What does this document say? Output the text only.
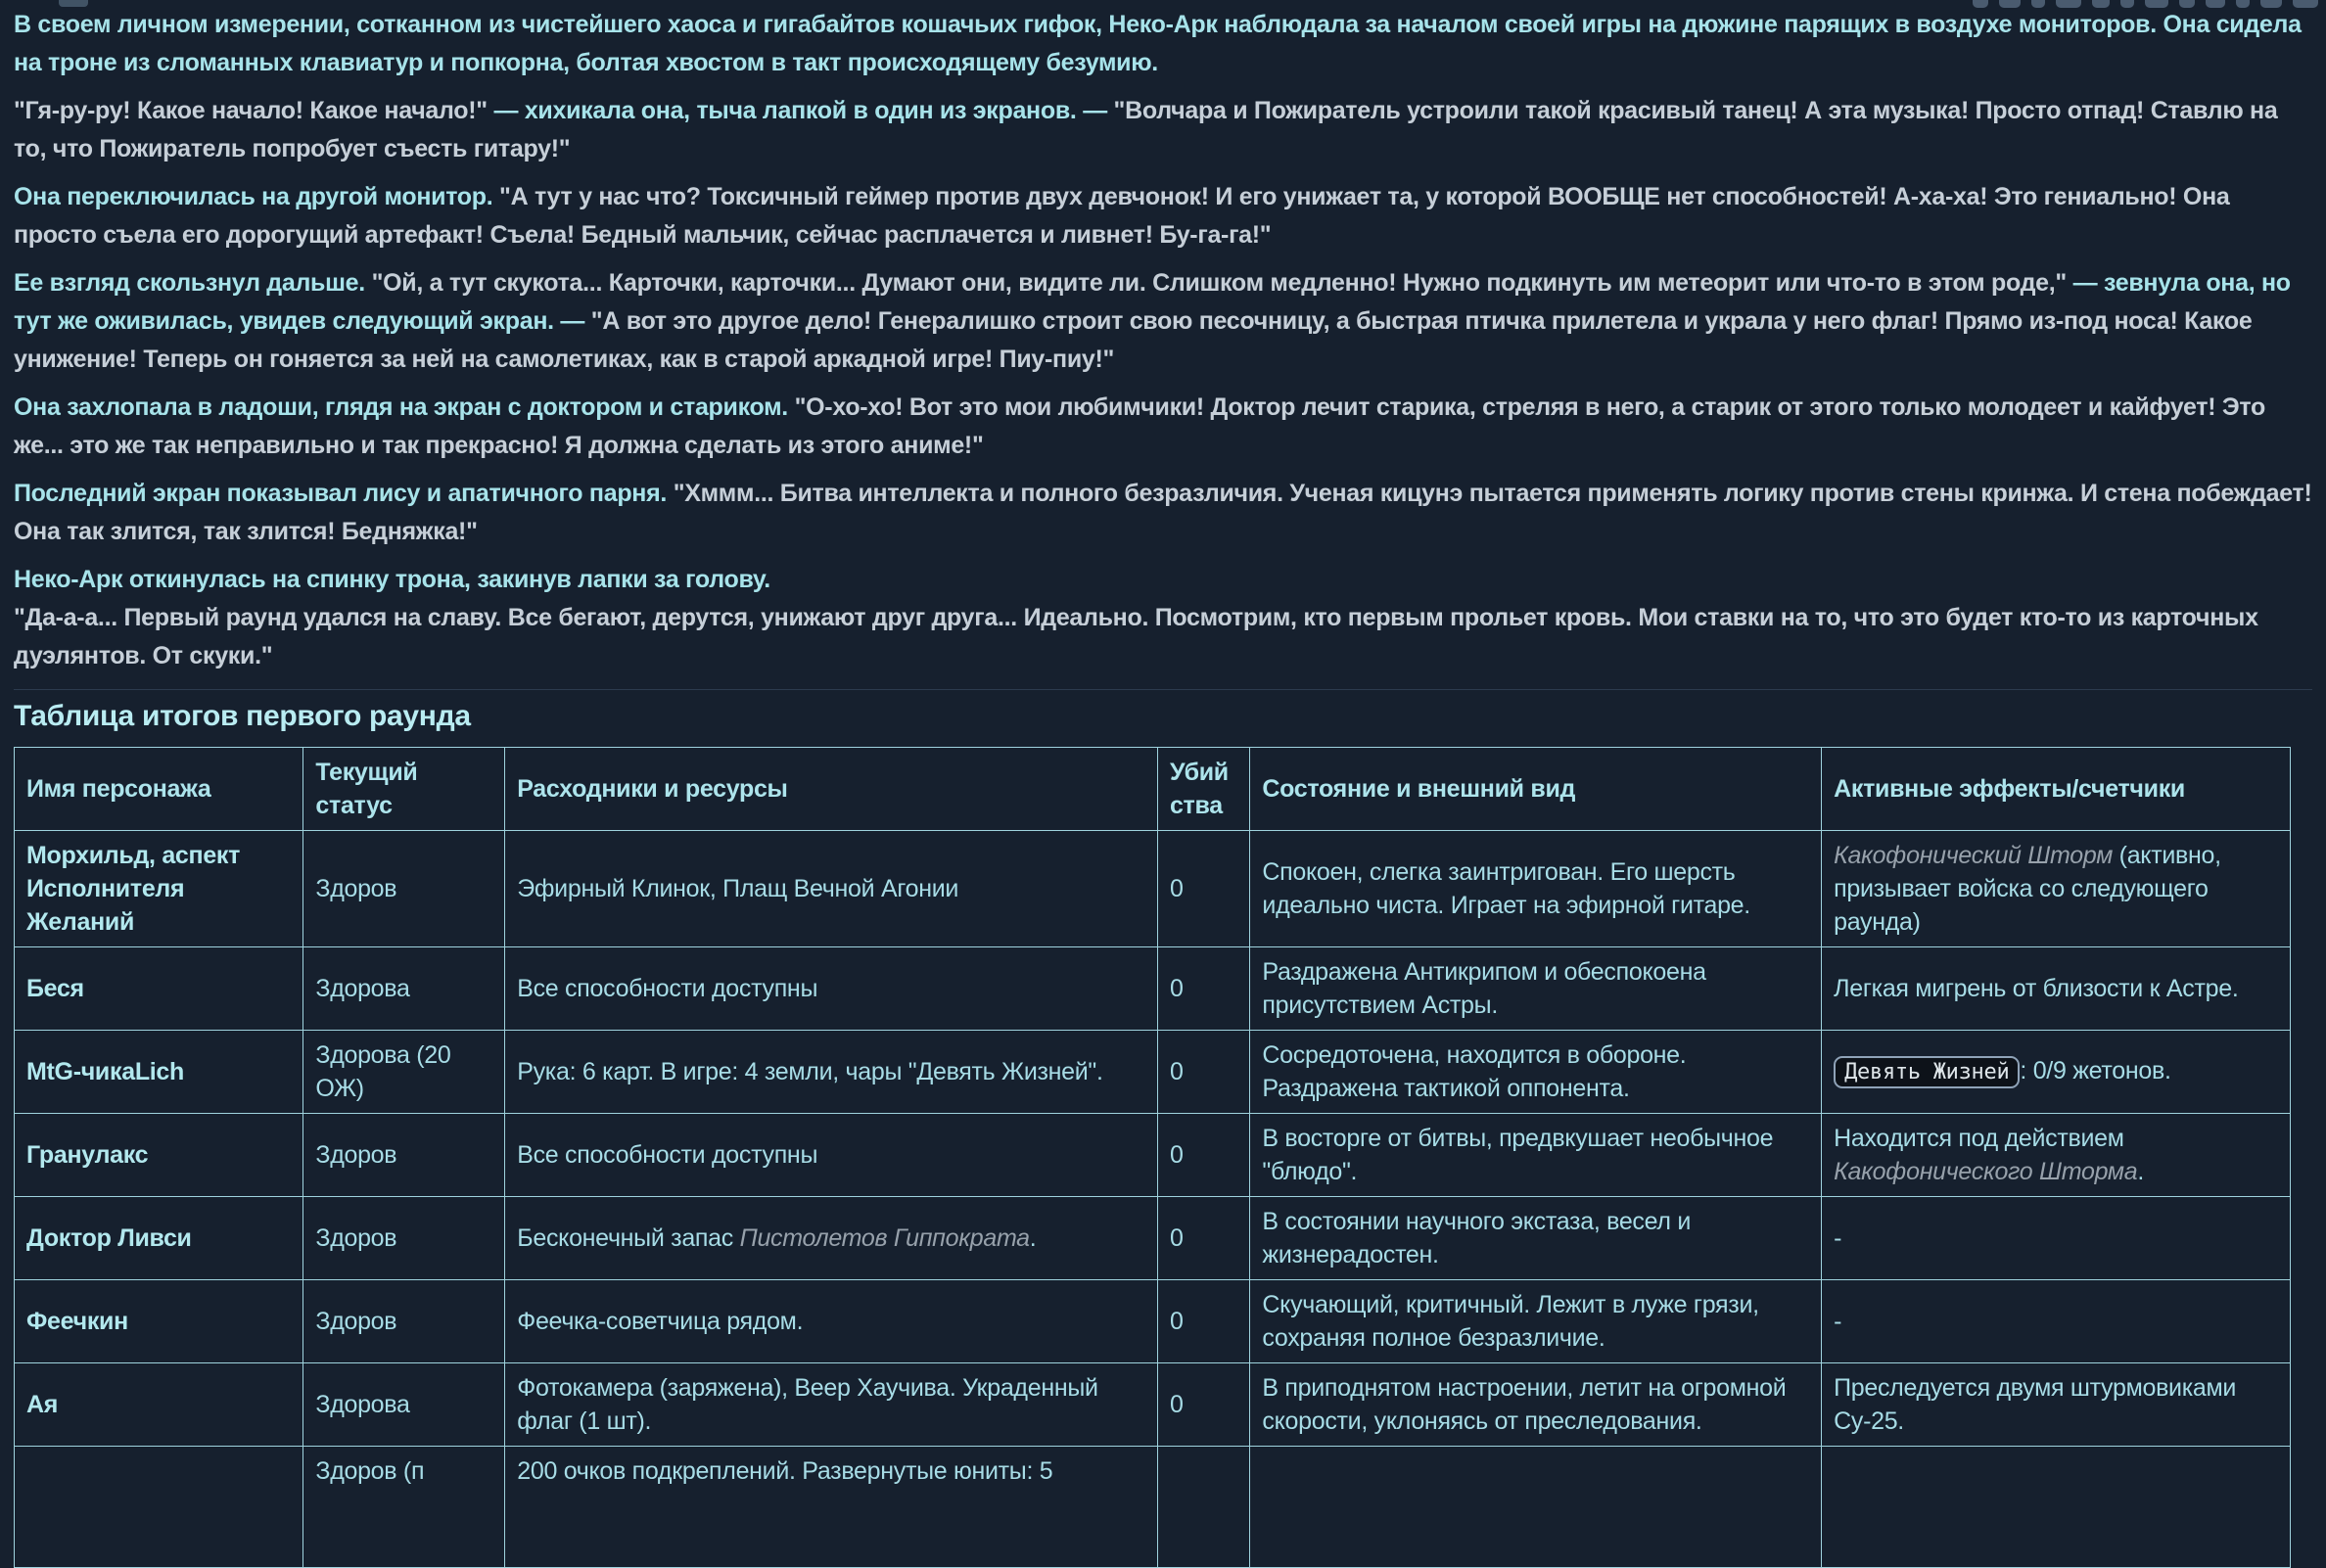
В своем личном измерении, сотканном из чистейшего хаоса и гигабайтов кошачьих гифок, Неко-Арк наблюдала за началом своей игры на дюжине парящих в воздухе мониторов. Она сидела на троне из сломанных клавиатур и попкорна, болтая хвостом в такт происходящему безумию.

"Гя-ру-ру! Какое начало! Какое начало!" — хихикала она, тыча лапкой в один из экранов. — "Волчара и Пожиратель устроили такой красивый танец! А эта музыка! Просто отпад! Ставлю на то, что Пожиратель попробует съесть гитару!"

Она переключилась на другой монитор. "А тут у нас что? Токсичный геймер против двух девчонок! И его унижает та, у которой ВООБЩЕ нет способностей! А-ха-ха! Это гениально! Она просто съела его дорогущий артефакт! Съела! Бедный мальчик, сейчас расплачется и ливнет! Бу-га-га!"

Ее взгляд скользнул дальше. "Ой, а тут скукота... Карточки, карточки... Думают они, видите ли. Слишком медленно! Нужно подкинуть им метеорит или что-то в этом роде," — зевнула она, но тут же оживилась, увидев следующий экран. — "А вот это другое дело! Генералишко строит свою песочницу, а быстрая птичка прилетела и украла у него флаг! Прямо из-под носа! Какое унижение! Теперь он гоняется за ней на самолетиках, как в старой аркадной игре! Пиу-пиу!"

Она захлопала в ладоши, глядя на экран с доктором и стариком. "О-хо-хо! Вот это мои любимчики! Доктор лечит старика, стреляя в него, а старик от этого только молодеет и кайфует! Это же... это же так неправильно и так прекрасно! Я должна сделать из этого аниме!"

Последний экран показывал лису и апатичного парня. "Хммм... Битва интеллекта и полного безразличия. Ученая кицунэ пытается применять логику против стены кринжа. И стена побеждает! Она так злится, так злится! Бедняжка!"

Неко-Арк откинулась на спинку трона, закинув лапки за голову.
"Да-а-а... Первый раунд удался на славу. Все бегают, дерутся, унижают друг друга... Идеально. Посмотрим, кто первым прольет кровь. Мои ставки на то, что это будет кто-то из карточных дуэлянтов. От скуки."

Таблица итогов первого раунда
Имя персонажа	Текущий статус	Расходники и ресурсы	Убийства	Состояние и внешний вид	Активные эффекты/счетчики
Морхильд, аспект Исполнителя Желаний	Здоров	Эфирный Клинок, Плащ Вечной Агонии	0	Спокоен, слегка заинтригован. Его шерсть идеально чиста. Играет на эфирной гитаре.	Какофонический Шторм (активно, призывает войска со следующего раунда)
Беся	Здорова	Все способности доступны	0	Раздражена Антикрипом и обеспокоена присутствием Астры.	Легкая мигрень от близости к Астре.
MtG-чикаLich	Здорова (20 ОЖ)	Рука: 6 карт. В игре: 4 земли, чары "Девять Жизней".	0	Сосредоточена, находится в обороне. Раздражена тактикой оппонента.	Девять Жизней : 0/9 жетонов.
Гранулакс	Здоров	Все способности доступны	0	В восторге от битвы, предвкушает необычное "блюдо".	Находится под действием Какофонического Шторма.
Доктор Ливси	Здоров	Бесконечный запас Пистолетов Гиппократа.	0	В состоянии научного экстаза, весел и жизнерадостен.	-
Феечкин	Здоров	Феечка-советчица рядом.	0	Скучающий, критичный. Лежит в луже грязи, сохраняя полное безразличие.	-
Ая	Здорова	Фотокамера (заряжена), Веер Хаучива. Украденный флаг (1 шт).	0	В приподнятом настроении, летит на огромной скорости, уклоняясь от преследования.	Преследуется двумя штурмовиками Су-25.
	Здоров (п	200 очков подкреплений. Развернутые юниты: 5			
